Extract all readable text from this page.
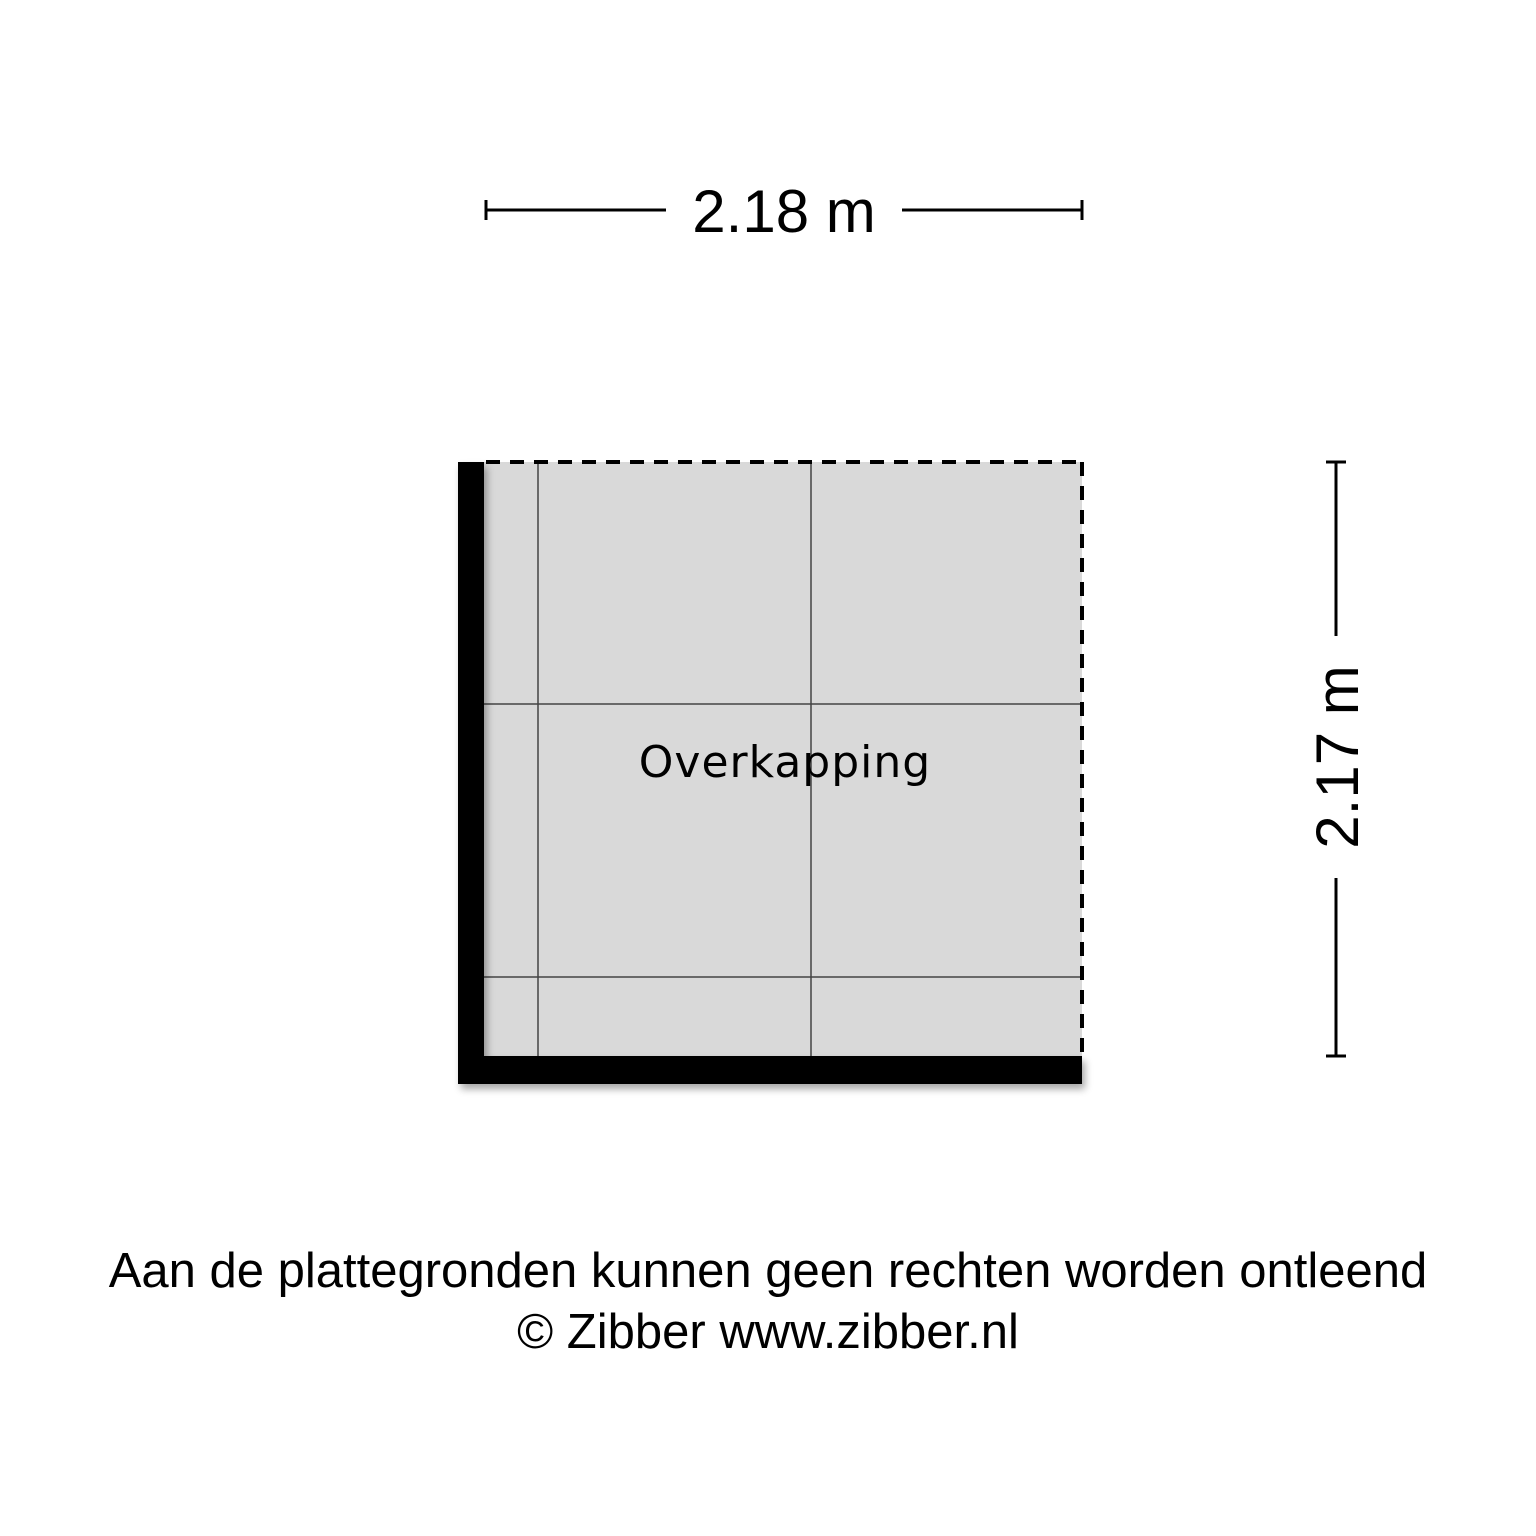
2.18 m
2.17 m
Overkapping
Aan de plattegronden kunnen geen rechten worden ontleend
© Zibber www.zibber.nl
